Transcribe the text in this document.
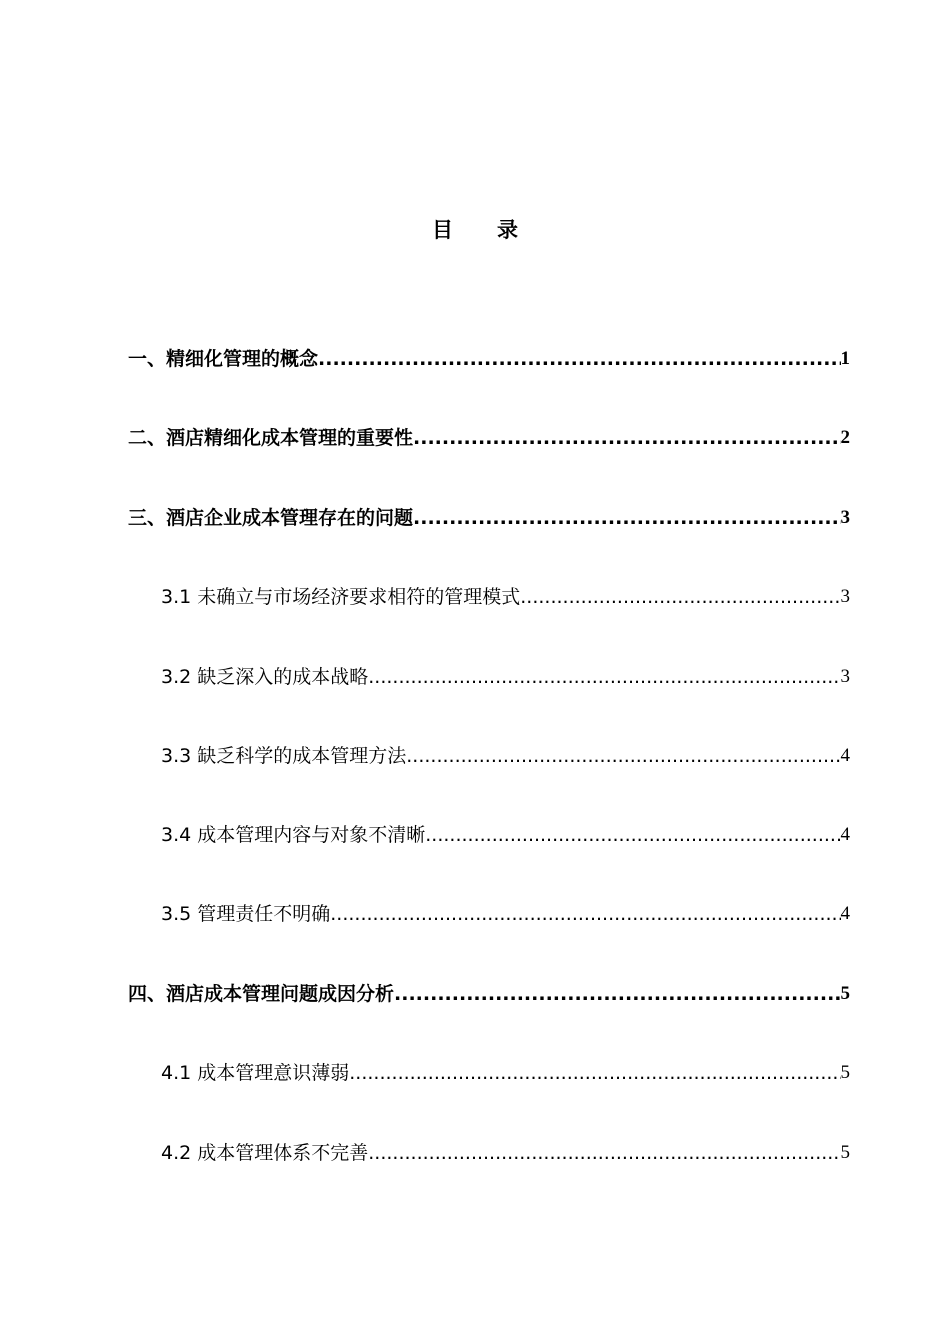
目 录
一、精细化管理的概念 .....	1
二、酒店精细化成本管理的重要性 .....	2
三、酒店企业成本管理存在的问题 .....	3
3.1 未确立与市场经济要求相符的管理模式 .....	3
3.2 缺乏深入的成本战略 .....	3
3.3 缺乏科学的成本管理方法 .....	4
3.4 成本管理内容与对象不清晰 .....	4
3.5 管理责任不明确 .....	4
四、酒店成本管理问题成因分析 .....	5
4.1 成本管理意识薄弱 .....	5
4.2 成本管理体系不完善 .....	5
